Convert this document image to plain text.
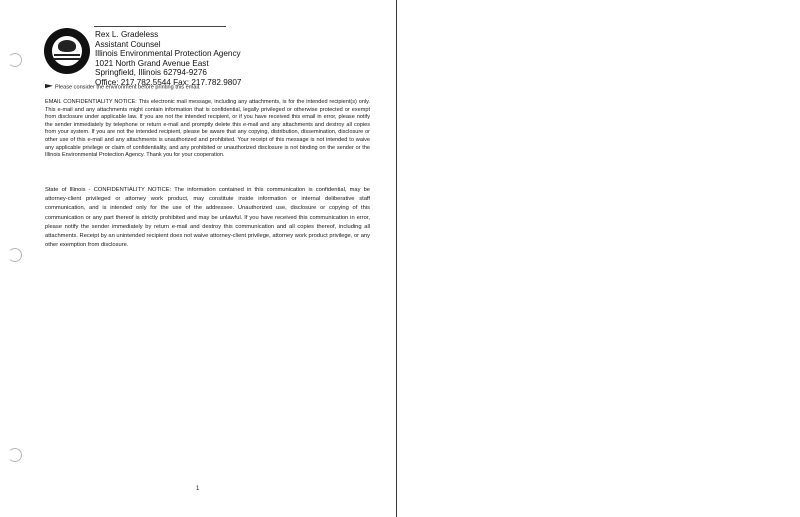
Rex L. Gradeless
Assistant Counsel
Illinois Environmental Protection Agency
1021 North Grand Avenue East
Springfield, Illinois 62794-9276
Office: 217.782.5544 Fax: 217.782.9807
Please consider the environment before printing this email.
EMAIL CONFIDENTIALITY NOTICE: This electronic mail message, including any attachments, is for the intended recipient(s) only. This e-mail and any attachments might contain information that is confidential, legally privileged or otherwise protected or exempt from disclosure under applicable law. If you are not the intended recipient, or if you have received this email in error, please notify the sender immediately by telephone or return e-mail and promptly delete this e-mail and any attachments and destroy all copies from your system. If you are not the intended recipient, please be aware that any copying, distribution, dissemination, disclosure or other use of this e-mail and any attachments is unauthorized and prohibited. Your receipt of this message is not intended to waive any applicable privilege or claim of confidentiality, and any prohibited or unauthorized disclosure is not binding on the sender or the Illinois Environmental Protection Agency. Thank you for your cooperation.
State of Illinois - CONFIDENTIALITY NOTICE: The information contained in this communication is confidential, may be attorney-client privileged or attorney work product, may constitute inside information or internal deliberative staff communication, and is intended only for the use of the addressee. Unauthorized use, disclosure or copying of this communication or any part thereof is strictly prohibited and may be unlawful. If you have received this communication in error, please notify the sender immediately by return e-mail and destroy this communication and all copies thereof, including all attachments. Receipt by an unintended recipient does not waive attorney-client privilege, attorney work product privilege, or any other exemption from disclosure.
1
